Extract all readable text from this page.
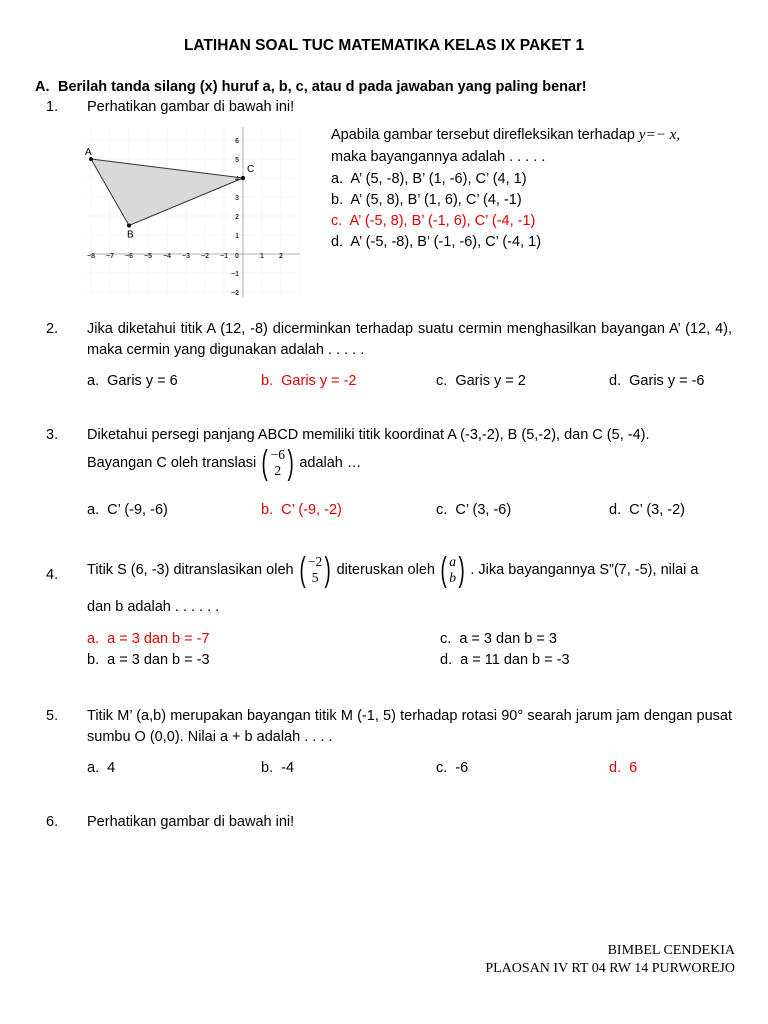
LATIHAN SOAL TUC MATEMATIKA KELAS IX PAKET 1
A. Berilah tanda silang (x) huruf a, b, c, atau d pada jawaban yang paling benar!
1. Perhatikan gambar di bawah ini!
−8 −7 −6 −5 −4 −3 −2 −1 0	1 2
6
5
4
3
2
1
−1
−2
A
B
C
Apabila gambar tersebut direfleksikan terhadap y=− x,
maka bayangannya adalah . . . . .
a. A’ (5, -8), B’ (1, -6), C’ (4, 1)
b. A’ (5, 8), B’ (1, 6), C’ (4, -1)
c. A’ (-5, 8), B’ (-1, 6), C’ (-4, -1)
d. A’ (-5, -8), B’ (-1, -6), C’ (-4, 1)
2. Jika diketahui titik A (12, -8) dicerminkan terhadap suatu cermin menghasilkan bayangan A’ (12, 4), maka cermin yang digunakan adalah . . . . .
a. Garis y = 6	b. Garis y = -2	c. Garis y = 2	d. Garis y = -6
3. Diketahui persegi panjang ABCD memiliki titik koordinat A (-3,-2), B (5,-2), dan C (5, -4).
Bayangan C oleh translasi ( −6
2 ) adalah …
a. C’ (-9, -6)	b. C’ (-9, -2)	c. C’ (3, -6)	d. C’ (3, -2)
4. Titik S (6, -3) ditranslasikan oleh ( −2
5 ) diteruskan oleh ( a
b ) . Jika bayangannya S”(7, -5), nilai a
dan b adalah . . . . . .
a. a = 3 dan b = -7	c. a = 3 dan b = 3
b. a = 3 dan b = -3	d. a = 11 dan b = -3
5. Titik M’ (a,b) merupakan bayangan titik M (-1, 5) terhadap rotasi 90° searah jarum jam dengan pusat sumbu O (0,0). Nilai a + b adalah . . . .
a. 4	b. -4	c. -6	d. 6
6. Perhatikan gambar di bawah ini!
BIMBEL CENDEKIA
PLAOSAN IV RT 04 RW 14 PURWOREJO
